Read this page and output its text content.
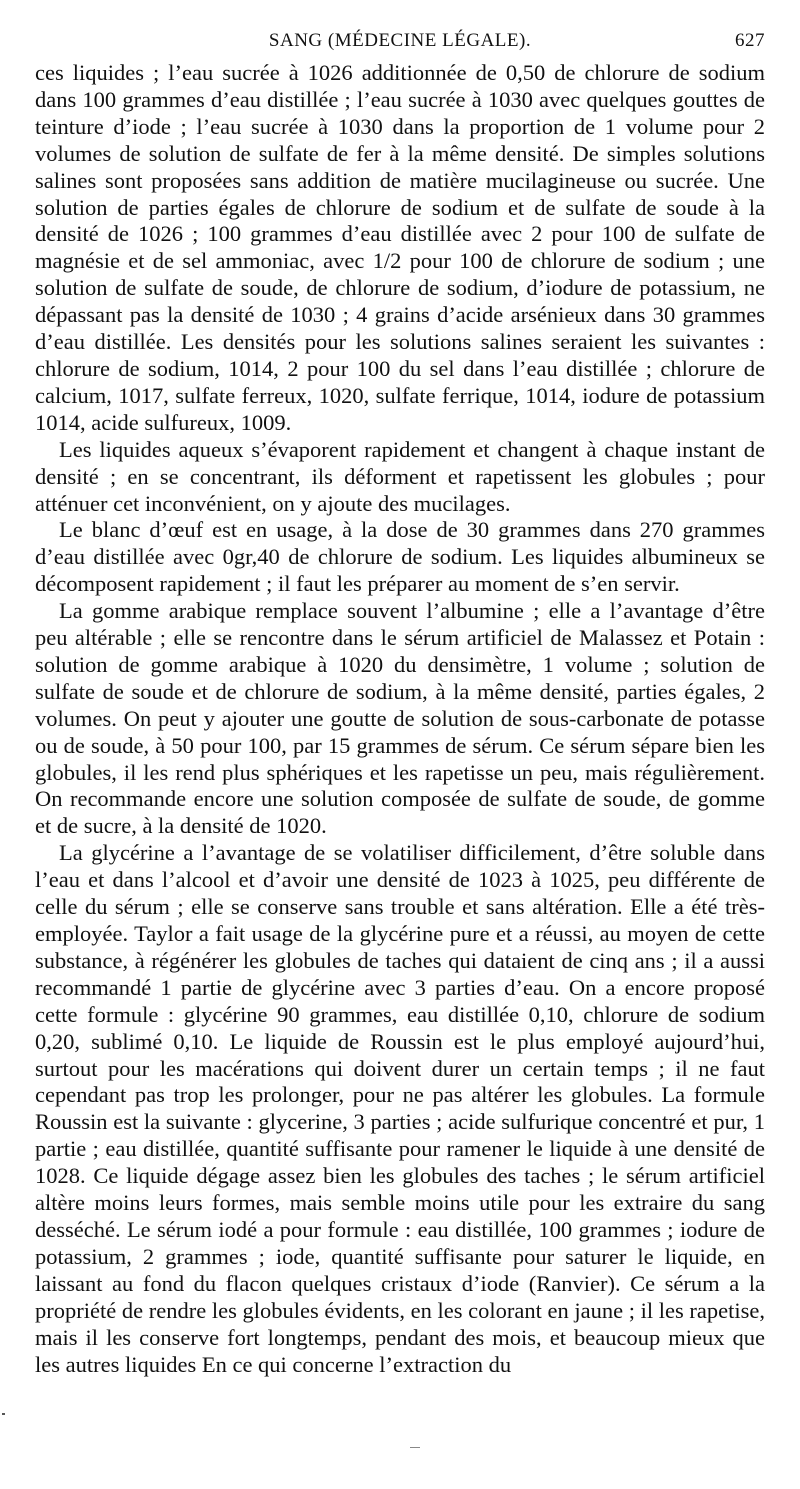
SANG (MÉDECINE LÉGALE).	627

ces liquides ; l’eau sucrée à 1026 additionnée de 0,50 de chlorure de sodium dans 100 grammes d’eau distillée ; l’eau sucrée à 1030 avec quelques gouttes de teinture d’iode ; l’eau sucrée à 1030 dans la proportion de 1 volume pour 2 volumes de solution de sulfate de fer à la même densité. De simples solutions salines sont proposées sans addition de matière mucilagineuse ou sucrée. Une solution de parties égales de chlorure de sodium et de sulfate de soude à la densité de 1026 ; 100 grammes d’eau distillée avec 2 pour 100 de sulfate de magnésie et de sel ammoniac, avec 1/2 pour 100 de chlorure de sodium ; une solution de sulfate de soude, de chlorure de sodium, d’iodure de potassium, ne dépassant pas la densité de 1030 ; 4 grains d’acide arsénieux dans 30 grammes d’eau distillée. Les densités pour les solutions salines seraient les suivantes : chlorure de sodium, 1014, 2 pour 100 du sel dans l’eau distillée ; chlorure de calcium, 1017, sulfate ferreux, 1020, sulfate ferrique, 1014, iodure de potassium 1014, acide sulfureux, 1009.

Les liquides aqueux s’évaporent rapidement et changent à chaque instant de densité ; en se concentrant, ils déforment et rapetissent les globules ; pour atténuer cet inconvénient, on y ajoute des mucilages.

Le blanc d’œuf est en usage, à la dose de 30 grammes dans 270 grammes d’eau distillée avec 0gr,40 de chlorure de sodium. Les liquides albumineux se décomposent rapidement ; il faut les préparer au moment de s’en servir.

La gomme arabique remplace souvent l’albumine ; elle a l’avantage d’être peu altérable ; elle se rencontre dans le sérum artificiel de Malassez et Potain : solution de gomme arabique à 1020 du densimètre, 1 volume ; solution de sulfate de soude et de chlorure de sodium, à la même densité, parties égales, 2 volumes. On peut y ajouter une goutte de solution de sous-carbonate de potasse ou de soude, à 50 pour 100, par 15 grammes de sérum. Ce sérum sépare bien les globules, il les rend plus sphériques et les rapetisse un peu, mais régulièrement. On recommande encore une solution composée de sulfate de soude, de gomme et de sucre, à la densité de 1020.

La glycérine a l’avantage de se volatiliser difficilement, d’être soluble dans l’eau et dans l’alcool et d’avoir une densité de 1023 à 1025, peu différente de celle du sérum ; elle se conserve sans trouble et sans altération. Elle a été très-employée. Taylor a fait usage de la glycérine pure et a réussi, au moyen de cette substance, à régénérer les globules de taches qui dataient de cinq ans ; il a aussi recommandé 1 partie de glycérine avec 3 parties d’eau. On a encore proposé cette formule : glycérine 90 grammes, eau distillée 0,10, chlorure de sodium 0,20, sublimé 0,10. Le liquide de Roussin est le plus employé aujourd’hui, surtout pour les macérations qui doivent durer un certain temps ; il ne faut cependant pas trop les prolonger, pour ne pas altérer les globules. La formule Roussin est la suivante : glycerine, 3 parties ; acide sulfurique concentré et pur, 1 partie ; eau distillée, quantité suffisante pour ramener le liquide à une densité de 1028. Ce liquide dégage assez bien les globules des taches ; le sérum artificiel altère moins leurs formes, mais semble moins utile pour les extraire du sang desséché. Le sérum iodé a pour formule : eau distillée, 100 grammes ; iodure de potassium, 2 grammes ; iode, quantité suffisante pour saturer le liquide, en laissant au fond du flacon quelques cristaux d’iode (Ranvier). Ce sérum a la propriété de rendre les globules évidents, en les colorant en jaune ; il les rapetise, mais il les conserve fort longtemps, pendant des mois, et beaucoup mieux que les autres liquides En ce qui concerne l’extraction du
